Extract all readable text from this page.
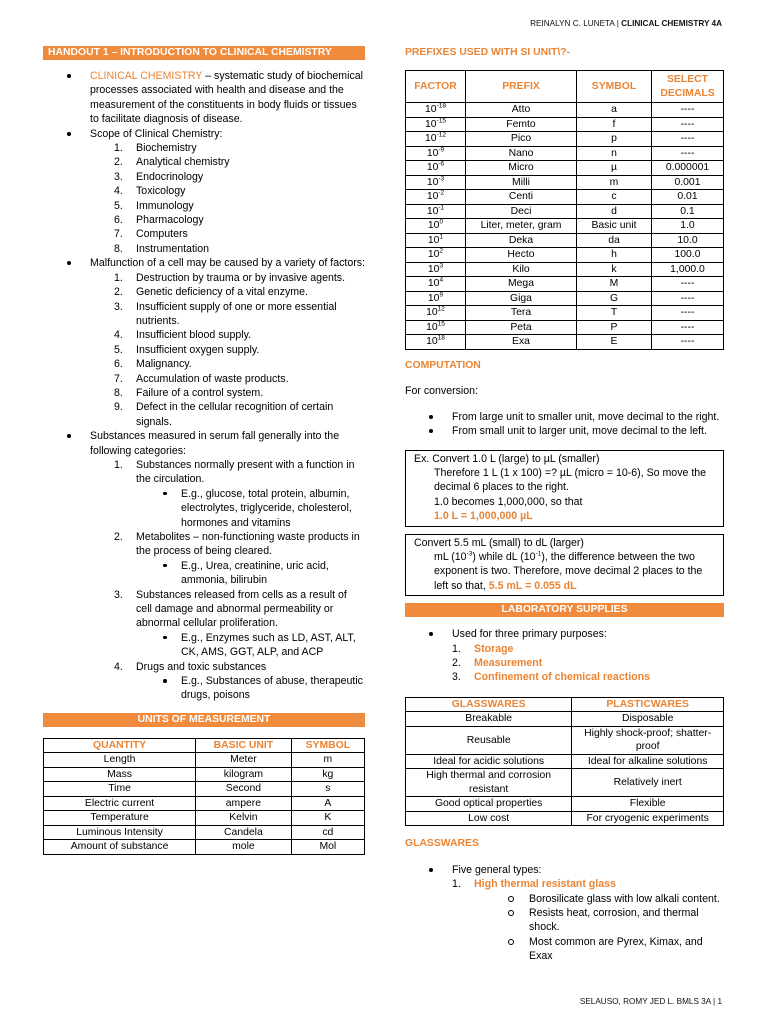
REINALYN C. LUNETA | CLINICAL CHEMISTRY 4A
HANDOUT 1 – INTRODUCTION TO CLINICAL CHEMISTRY
CLINICAL CHEMISTRY – systematic study of biochemical processes associated with health and disease and the measurement of the constituents in body fluids or tissues to facilitate diagnosis of disease.
Scope of Clinical Chemistry:
1. Biochemistry
2. Analytical chemistry
3. Endocrinology
4. Toxicology
5. Immunology
6. Pharmacology
7. Computers
8. Instrumentation
Malfunction of a cell may be caused by a variety of factors:
1. Destruction by trauma or by invasive agents.
2. Genetic deficiency of a vital enzyme.
3. Insufficient supply of one or more essential nutrients.
4. Insufficient blood supply.
5. Insufficient oxygen supply.
6. Malignancy.
7. Accumulation of waste products.
8. Failure of a control system.
9. Defect in the cellular recognition of certain signals.
Substances measured in serum fall generally into the following categories:
1. Substances normally present with a function in the circulation.
E.g., glucose, total protein, albumin, electrolytes, triglyceride, cholesterol, hormones and vitamins
2. Metabolites – non-functioning waste products in the process of being cleared.
E.g., Urea, creatinine, uric acid, ammonia, bilirubin
3. Substances released from cells as a result of cell damage and abnormal permeability or abnormal cellular proliferation.
E.g., Enzymes such as LD, AST, ALT, CK, AMS, GGT, ALP, and ACP
4. Drugs and toxic substances
E.g., Substances of abuse, therapeutic drugs, poisons
UNITS OF MEASUREMENT
QUANTITY	BASIC UNIT	SYMBOL
Length	Meter	m
Mass	kilogram	kg
Time	Second	s
Electric current	ampere	A
Temperature	Kelvin	K
Luminous Intensity	Candela	cd
Amount of substance	mole	Mol
PREFIXES USED WITH SI UNIT\?-
FACTOR	PREFIX	SYMBOL	SELECT DECIMALS
$10^{-18}$	Atto	a	----
$10^{-15}$	Femto	f	----
$10^{-12}$	Pico	p	----
$10^{-9}$	Nano	n	----
$10^{-6}$	Micro	µ	0.000001
$10^{-3}$	Milli	m	0.001
$10^{-2}$	Centi	c	0.01
$10^{-1}$	Deci	d	0.1
$10^0$	Liter, meter, gram	Basic unit	1.0
$10^1$	Deka	da	10.0
$10^2$	Hecto	h	100.0
$10^3$	Kilo	k	1,000.0
$10^4$	Mega	M	----
$10^9$	Giga	G	----
$10^{12}$	Tera	T	----
$10^{15}$	Peta	P	----
$10^{18}$	Exa	E	----
COMPUTATION
For conversion:
From large unit to smaller unit, move decimal to the right.
From small unit to larger unit, move decimal to the left.
Ex. Convert 1.0 L (large) to µL (smaller)
Therefore 1 L (1 x 100) =? µL (micro = 10-6), So move the decimal 6 places to the right.
1.0 becomes 1,000,000, so that
1.0 L = 1,000,000 µL
Convert 5.5 mL (small) to dL (larger)
mL $(10^{-3})$ while dL $(10^{-1})$, the difference between the two exponent is two. Therefore, move decimal 2 places to the left so that, 5.5 mL = 0.055 dL
LABORATORY SUPPLIES
Used for three primary purposes:
1. Storage
2. Measurement
3. Confinement of chemical reactions
GLASSWARES	PLASTICWARES
Breakable	Disposable
Reusable	Highly shock-proof; shatter-proof
Ideal for acidic solutions	Ideal for alkaline solutions
High thermal and corrosion resistant	Relatively inert
Good optical properties	Flexible
Low cost	For cryogenic experiments
GLASSWARES
Five general types:
1. High thermal resistant glass
Borosilicate glass with low alkali content.
Resists heat, corrosion, and thermal shock.
Most common are Pyrex, Kimax, and Exax
SELAUSO, ROMY JED L. BMLS 3A | 1
